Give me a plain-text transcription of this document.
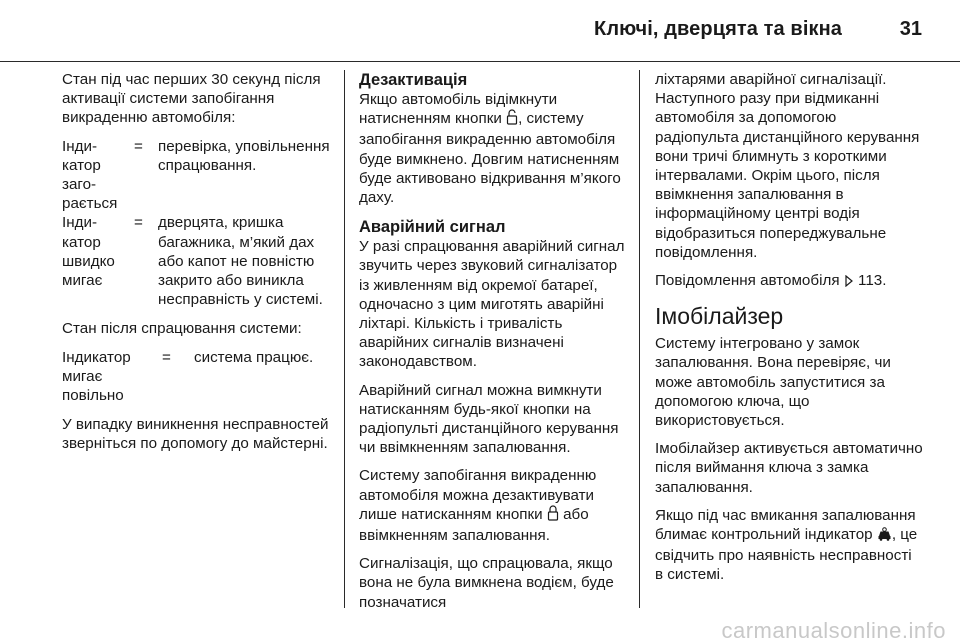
Ключі, дверцята та вікна	31

Стан під час перших 30 секунд після активації системи запобігання викраденню автомобіля:

Інди-катор заго-рається	=	перевірка, уповільнення спрацювання.
Інди-катор швидко мигає	=	дверцята, кришка багажника, м’який дах або капот не повністю закрито або виникла несправність у системі.

Стан після спрацювання системи:

Індикатор мигає повільно	=	система працює.

У випадку виникнення несправностей зверніться по допомогу до майстерні.

Дезактивація

Якщо автомобіль відімкнути натисненням кнопки , систему запобігання викраденню автомобіля буде вимкнено. Довгим натисненням буде активовано відкривання м’якого даху.

Аварійний сигнал

У разі спрацювання аварійний сигнал звучить через звуковий сигналізатор із живленням від окремої батареї, одночасно з цим миготять аварійні ліхтарі. Кількість і тривалість аварійних сигналів визначені законодавством.

Аварійний сигнал можна вимкнути натисканням будь-якої кнопки на радіопульті дистанційного керування чи ввімкненням запалювання.

Систему запобігання викраденню автомобіля можна дезактивувати лише натисканням кнопки  або ввімкненням запалювання.

Сигналізація, що спрацювала, якщо вона не була вимкнена водієм, буде позначатися

ліхтарями аварійної сигналізації. Наступного разу при відмиканні автомобіля за допомогою радіопульта дистанційного керування вони тричі блимнуть з короткими інтервалами. Окрім цього, після ввімкнення запалювання в інформаційному центрі водія відобразиться попереджувальне повідомлення.

Повідомлення автомобіля  113.

Імобілайзер

Систему інтегровано у замок запалювання. Вона перевіряє, чи може автомобіль запуститися за допомогою ключа, що використовується.

Імобілайзер активується автоматично після виймання ключа з замка запалювання.

Якщо під час вмикання запалювання блимає контрольний індикатор , це свідчить про наявність несправності в системі.

carmanualsonline.info
